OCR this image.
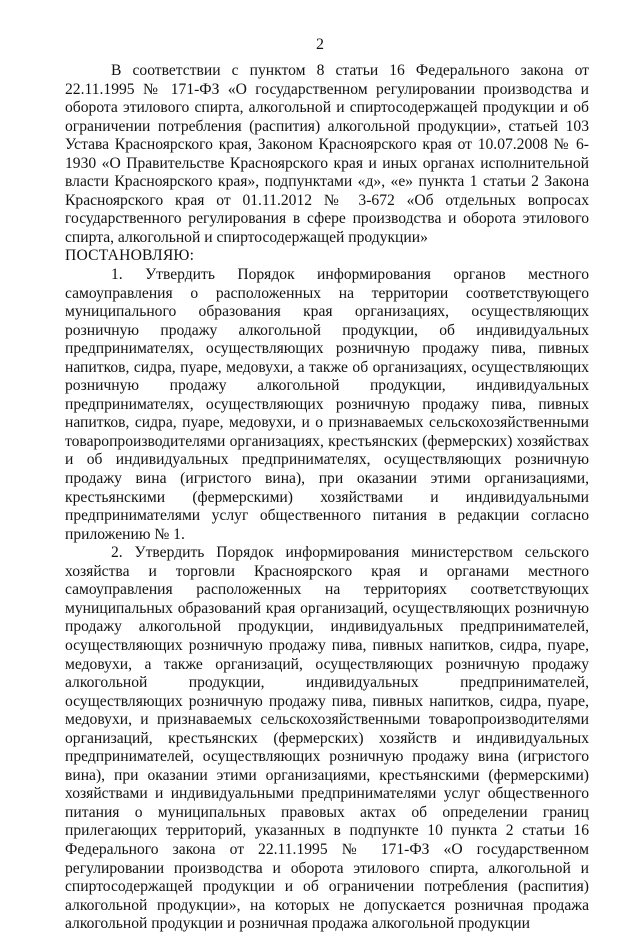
2

В соответствии с пунктом 8 статьи 16 Федерального закона от 22.11.1995 № 171-ФЗ «О государственном регулировании производства и оборота этилового спирта, алкогольной и спиртосодержащей продукции и об ограничении потребления (распития) алкогольной продукции», статьей 103 Устава Красноярского края, Законом Красноярского края от 10.07.2008 № 6-1930 «О Правительстве Красноярского края и иных органах исполнительной власти Красноярского края», подпунктами «д», «е» пункта 1 статьи 2 Закона Красноярского края от 01.11.2012 № 3-672 «Об отдельных вопросах государственного регулирования в сфере производства и оборота этилового спирта, алкогольной и спиртосодержащей продукции»

ПОСТАНОВЛЯЮ:

1. Утвердить Порядок информирования органов местного самоуправления о расположенных на территории соответствующего муниципального образования края организациях, осуществляющих розничную продажу алкогольной продукции, об индивидуальных предпринимателях, осуществляющих розничную продажу пива, пивных напитков, сидра, пуаре, медовухи, а также об организациях, осуществляющих розничную продажу алкогольной продукции, индивидуальных предпринимателях, осуществляющих розничную продажу пива, пивных напитков, сидра, пуаре, медовухи, и о признаваемых сельскохозяйственными товаропроизводителями организациях, крестьянских (фермерских) хозяйствах и об индивидуальных предпринимателях, осуществляющих розничную продажу вина (игристого вина), при оказании этими организациями, крестьянскими (фермерскими) хозяйствами и индивидуальными предпринимателями услуг общественного питания в редакции согласно приложению № 1.

2. Утвердить Порядок информирования министерством сельского хозяйства и торговли Красноярского края и органами местного самоуправления расположенных на территориях соответствующих муниципальных образований края организаций, осуществляющих розничную продажу алкогольной продукции, индивидуальных предпринимателей, осуществляющих розничную продажу пива, пивных напитков, сидра, пуаре, медовухи, а также организаций, осуществляющих розничную продажу алкогольной продукции, индивидуальных предпринимателей, осуществляющих розничную продажу пива, пивных напитков, сидра, пуаре, медовухи, и признаваемых сельскохозяйственными товаропроизводителями организаций, крестьянских (фермерских) хозяйств и индивидуальных предпринимателей, осуществляющих розничную продажу вина (игристого вина), при оказании этими организациями, крестьянскими (фермерскими) хозяйствами и индивидуальными предпринимателями услуг общественного питания о муниципальных правовых актах об определении границ прилегающих территорий, указанных в подпункте 10 пункта 2 статьи 16 Федерального закона от 22.11.1995 № 171-ФЗ «О государственном регулировании производства и оборота этилового спирта, алкогольной и спиртосодержащей продукции и об ограничении потребления (распития) алкогольной продукции», на которых не допускается розничная продажа алкогольной продукции и розничная продажа алкогольной продукции
